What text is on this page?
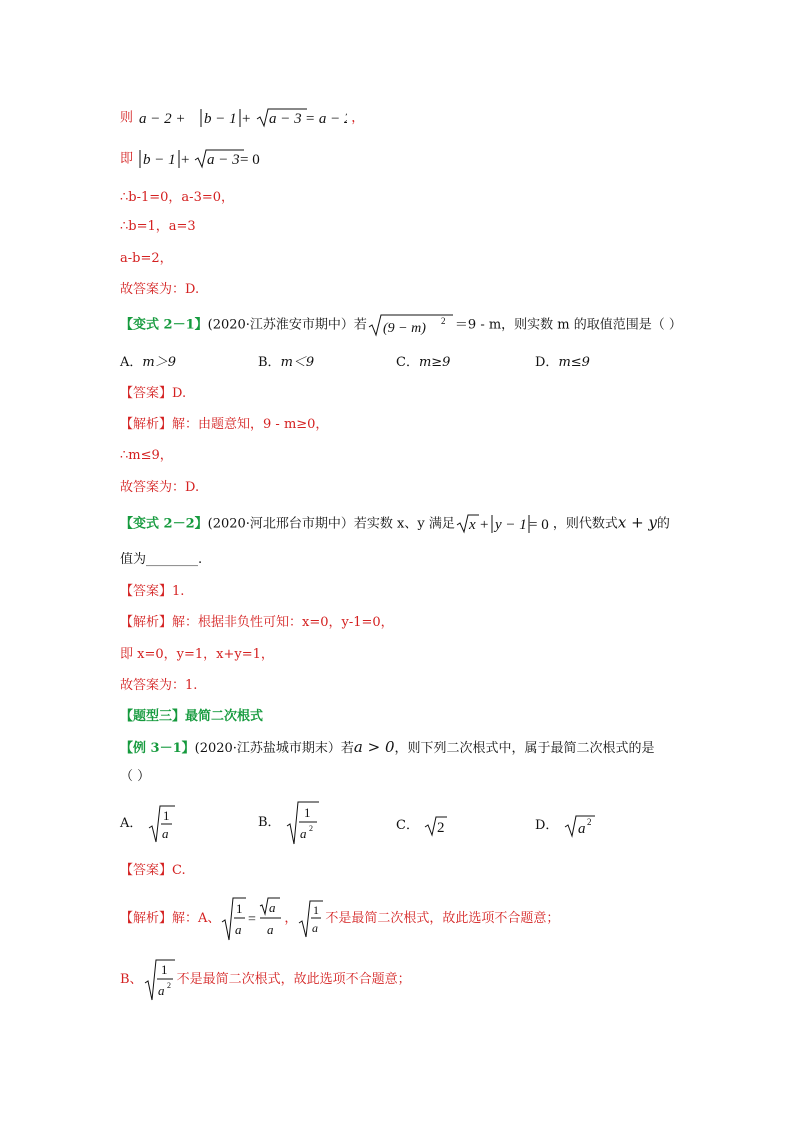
则 a − 2 + b − 1 + a − 3 = a − 2 ，
即 b − 1 + a − 3 = 0
∴b-1=0，a-3=0，
∴b=1，a=3
a-b=2，
故答案为：D.
【变式 2－1】(2020·江苏淮安市期中）若 (9 − m) 2 ＝9 - m，则实数 m 的取值范围是（ ）
A．m＞9	B．m＜9	C．m≥9	D．m≤9
【答案】D.
【解析】解：由题意知，9 - m≥0，
∴m≤9，
故答案为：D.
【变式 2－2】(2020·河北邢台市期中）若实数 x、y 满足 x + y − 1 = 0 ，则代数式x + y的
值为________.
【答案】1.
【解析】解：根据非负性可知：x=0，y-1=0，
即 x=0，y=1，x+y=1，
故答案为：1.
【题型三】最简二次根式
【例 3－1】(2020·江苏盐城市期末）若a > 0，则下列二次根式中，属于最简二次根式的是
（ ）
A．
1
a
B．
1
a 2	C． 2	D． a 2
【答案】C.
【解析】解：A、
1
a
=
a
a
，
1
a
不是最简二次根式，故此选项不合题意；
B、
1
a 2 不是最简二次根式，故此选项不合题意；
